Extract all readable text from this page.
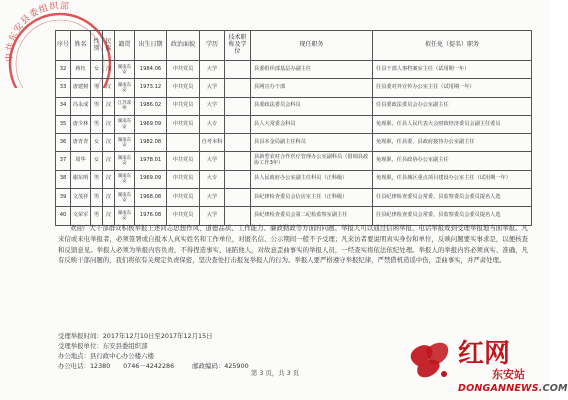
中共东安县委组织部
序号	姓名	性别	民族	籍贯	出生日期	政治面貌	学历	技术职称及学位	现任职务	拟任免（提名）职务
32	蒋钰	女	汉	湖南东安	1984.06	中共党员	大学		县委组织部基层办副主任	任县干部人事档案室主任（试用期一年）
33	唐建树	男	汉	湖南东安	1973.12	中共党员	大学		县网宣办干部	任县委对外宣传办公室主任（试用期一年）
34	冯永成	男	汉	江苏邳州	1986.02	中共党员	大学		县委政法委员会科员	任县委政法委员会办公室副主任
35	唐少林	男	汉	湖南东安	1969.09	中共党员	大专		县人大常委会科员	免现职，任县人民代表大会财政经济委员会副主任委员
36	唐青青	女	汉	湖南东安	1982.08		自考本科		县县本金局副主任科员	免现职，任县委、县政府接待办公室副主任
37	周华	女	汉	湖南东安	1978.01	中共党员	大学		县新型农村合作医疗管理办公室副科员（借调县政协工作3年）	免现职，任县政协办公室副主任
38	谢东明	男	汉	湖南东安	1969.09	中共党员	大专		县人民政府办公室副主任科员（正科级）	免现职，任县城区重点项目建设办公室主任（试用期一年）
39	文茂祥	男	汉	湖南东安	1968.08	中共党员	大学		县纪律检查委员会信访室主任（正科级）	任县纪律检查委员会常委、县监察委员会委员提名人选
40	文荣军	男	汉	湖南东安	1976.08	中共党员	大学		县纪律检查委员会第二纪检监察室副主任	任县纪律检查委员会常委、县监察委员会委员提名人选
欢迎广大干部群众积极举报上述同志思想作风、道德品质、工作能力、廉政勤政等方面的问题。举报人可以通过信函举报、电话举报或到受理举报地当面举报。凡来信或来电举报者，必须签署或自报本人真实姓名和工作单位，对匿名信、公示期间一般不予受理；凡来访者要说明真实身份和单位，反映问题要实事求是，以便核查和反馈意见。举报人必须为举报内容负责，不得捏造事实、诬陷他人，对故意歪曲事实的举报人员，一经查实将依法依纪处理。举报人的举报内容必须真实、准确，凡有反映干部问题的，我们将依有关规定负责保密，坚决查处打击报复举报人的行为。举报人要严格遵守举报纪律，严禁借机造谣中伤，歪曲事实，并严肃处理。
受理举报时间：2017年12月10日至2017年12月15日
受理举报单位：东安县委组织部
办公地点：县行政中心办公楼六楼
办公电话：12380　　0746－4242286	邮政编码：425900
第 3 页，共 3 页
红网
东安站
DONGANNEWS.COM
